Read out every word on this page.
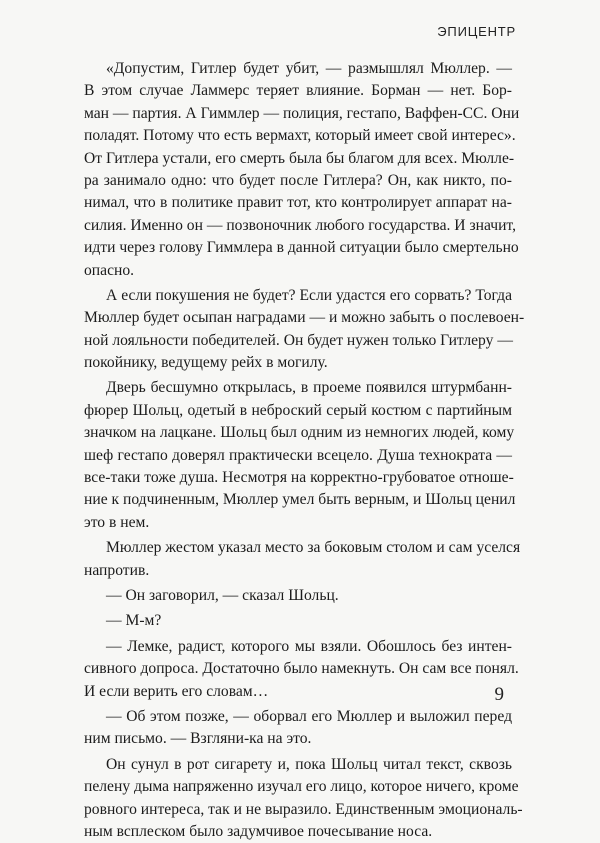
ЭПИЦЕНТР
«Допустим, Гитлер будет убит, — размышлял Мюллер. —
В этом случае Ламмерс теряет влияние. Борман — нет. Бор-
ман — партия. А Гиммлер — полиция, гестапо, Ваффен-СС. Они
поладят. Потому что есть вермахт, который имеет свой интерес».
От Гитлера устали, его смерть была бы благом для всех. Мюлле-
ра занимало одно: что будет после Гитлера? Он, как никто, по-
нимал, что в политике правит тот, кто контролирует аппарат на-
силия. Именно он — позвоночник любого государства. И значит,
идти через голову Гиммлера в данной ситуации было смертельно
опасно.
А если покушения не будет? Если удастся его сорвать? Тогда
Мюллер будет осыпан наградами — и можно забыть о послевоен-
ной лояльности победителей. Он будет нужен только Гитлеру —
покойнику, ведущему рейх в могилу.
Дверь бесшумно открылась, в проеме появился штурмбанн-
фюрер Шольц, одетый в неброский серый костюм с партийным
значком на лацкане. Шольц был одним из немногих людей, кому
шеф гестапо доверял практически всецело. Душа технократа —
все-таки тоже душа. Несмотря на корректно-грубоватое отноше-
ние к подчиненным, Мюллер умел быть верным, и Шольц ценил
это в нем.
Мюллер жестом указал место за боковым столом и сам уселся
напротив.
— Он заговорил, — сказал Шольц.
— М-м?
— Лемке, радист, которого мы взяли. Обошлось без интен-
сивного допроса. Достаточно было намекнуть. Он сам все понял.
И если верить его словам…
— Об этом позже, — оборвал его Мюллер и выложил перед
ним письмо. — Взгляни-ка на это.
Он сунул в рот сигарету и, пока Шольц читал текст, сквозь
пелену дыма напряженно изучал его лицо, которое ничего, кроме
ровного интереса, так и не выразило. Единственным эмоциональ-
ным всплеском было задумчивое почесывание носа.
9
